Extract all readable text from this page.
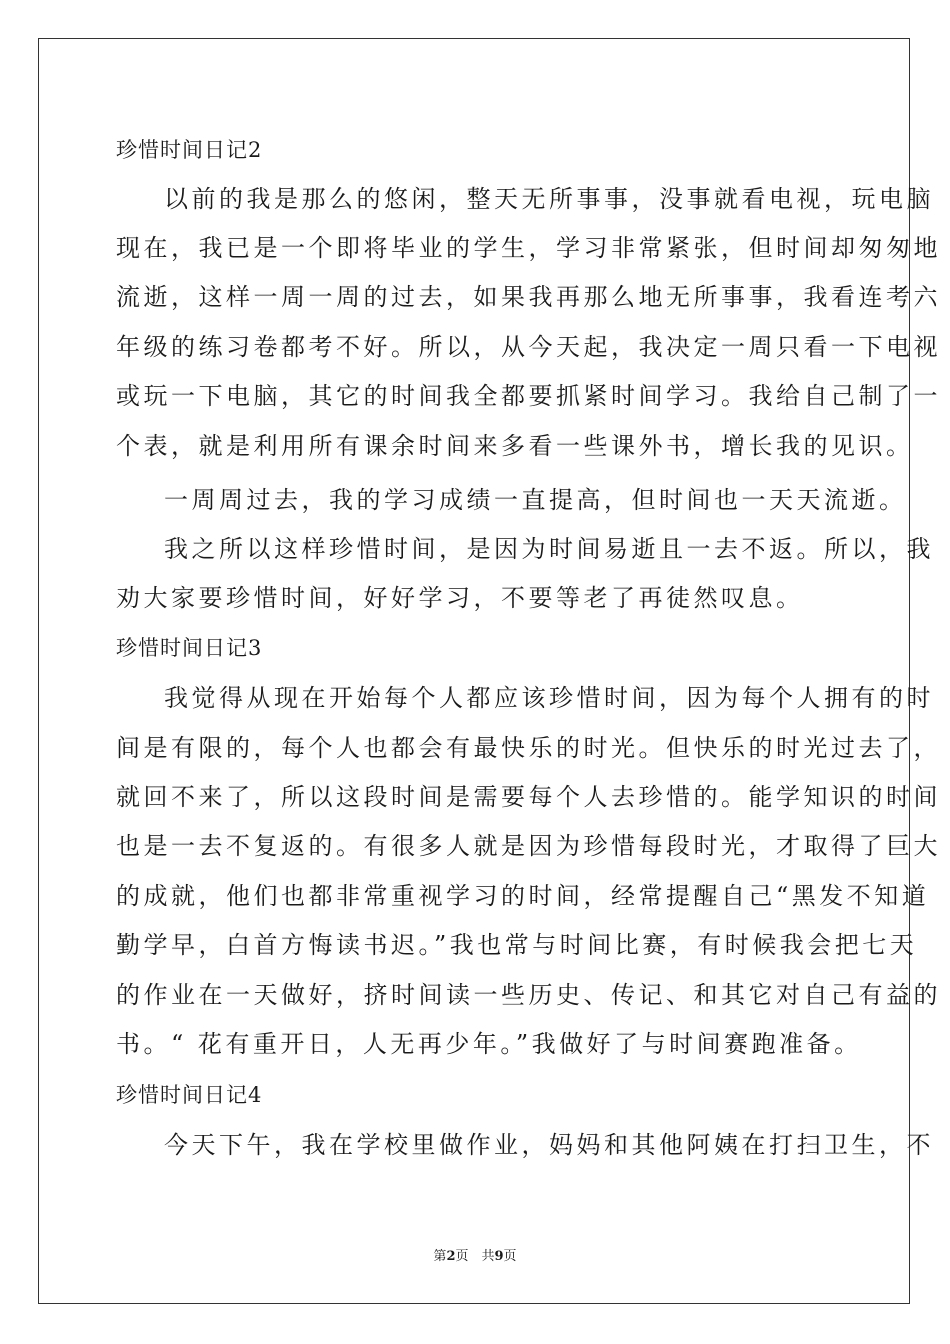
珍惜时间日记2
以前的我是那么的悠闲，整天无所事事，没事就看电视，玩电脑
现在，我已是一个即将毕业的学生，学习非常紧张，但时间却匆匆地
流逝，这样一周一周的过去，如果我再那么地无所事事，我看连考六
年级的练习卷都考不好。所以，从今天起，我决定一周只看一下电视
或玩一下电脑，其它的时间我全都要抓紧时间学习。我给自己制了一
个表，就是利用所有课余时间来多看一些课外书，增长我的见识。
一周周过去，我的学习成绩一直提高，但时间也一天天流逝。
我之所以这样珍惜时间，是因为时间易逝且一去不返。所以，我
劝大家要珍惜时间，好好学习，不要等老了再徒然叹息。
珍惜时间日记3
我觉得从现在开始每个人都应该珍惜时间，因为每个人拥有的时
间是有限的，每个人也都会有最快乐的时光。但快乐的时光过去了，
就回不来了，所以这段时间是需要每个人去珍惜的。能学知识的时间
也是一去不复返的。有很多人就是因为珍惜每段时光，才取得了巨大
的成就，他们也都非常重视学习的时间，经常提醒自己“黑发不知道
勤学早，白首方悔读书迟。”我也常与时间比赛，有时候我会把七天
的作业在一天做好，挤时间读一些历史、传记、和其它对自己有益的
书。“ 花有重开日，人无再少年。”我做好了与时间赛跑准备。
珍惜时间日记4
今天下午，我在学校里做作业，妈妈和其他阿姨在打扫卫生，不
第2页　共9页
